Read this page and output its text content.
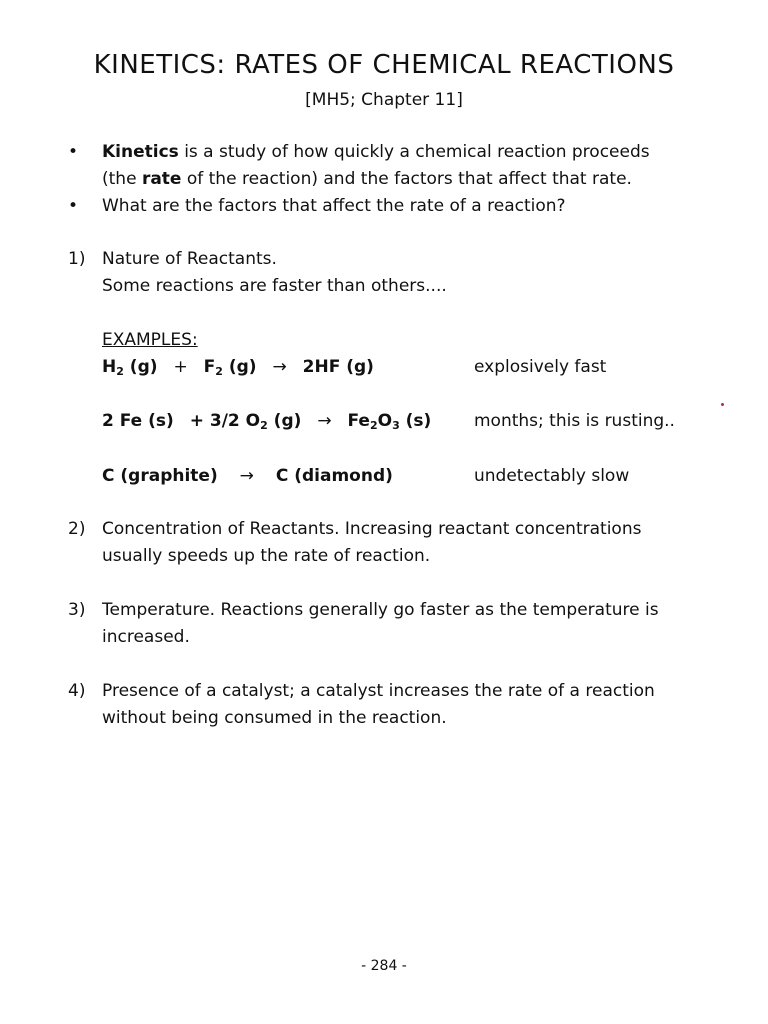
KINETICS: RATES OF CHEMICAL REACTIONS
[MH5; Chapter 11]
• Kinetics is a study of how quickly a chemical reaction proceeds
(the rate of the reaction) and the factors that affect that rate.
• What are the factors that affect the rate of a reaction?
1) Nature of Reactants.
Some reactions are faster than others....
EXAMPLES:
$H_2$ $(g) + F_2$ (g) → 2HF (g)	explosively fast
2 Fe (s) + 3/2 $O_2$ $(g) \to Fe_2O_3$ (s)	months; this is rusting..
C (graphite) → C (diamond)	undetectably slow
2) Concentration of Reactants. Increasing reactant concentrations
usually speeds up the rate of reaction.
3) Temperature. Reactions generally go faster as the temperature is
increased.
4) Presence of a catalyst; a catalyst increases the rate of a reaction
without being consumed in the reaction.
- 284 -
